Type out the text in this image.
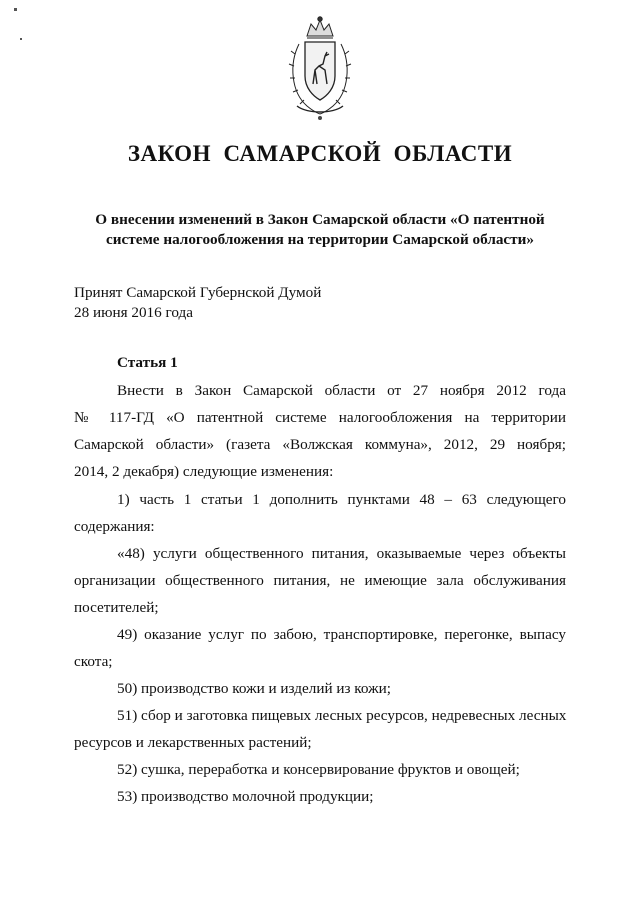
ЗАКОН  САМАРСКОЙ  ОБЛАСТИ
О внесении изменений в Закон Самарской области «О патентной
системе налогообложения на территории Самарской области»
Принят Самарской Губернской Думой
28 июня 2016 года
Статья 1
Внести в Закон Самарской области от 27 ноября 2012 года
№ 117-ГД «О патентной системе налогообложения на территории
Самарской области» (газета «Волжская коммуна», 2012, 29 ноября;
2014, 2 декабря) следующие изменения:
1) часть 1 статьи 1 дополнить пунктами 48 – 63 следующего
содержания:
«48) услуги общественного питания, оказываемые через объекты
организации общественного питания, не имеющие зала обслуживания
посетителей;
49) оказание услуг по забою, транспортировке, перегонке, выпасу
скота;
50) производство кожи и изделий из кожи;
51) сбор и заготовка пищевых лесных ресурсов, недревесных лесных
ресурсов и лекарственных растений;
52) сушка, переработка и консервирование фруктов и овощей;
53) производство молочной продукции;
